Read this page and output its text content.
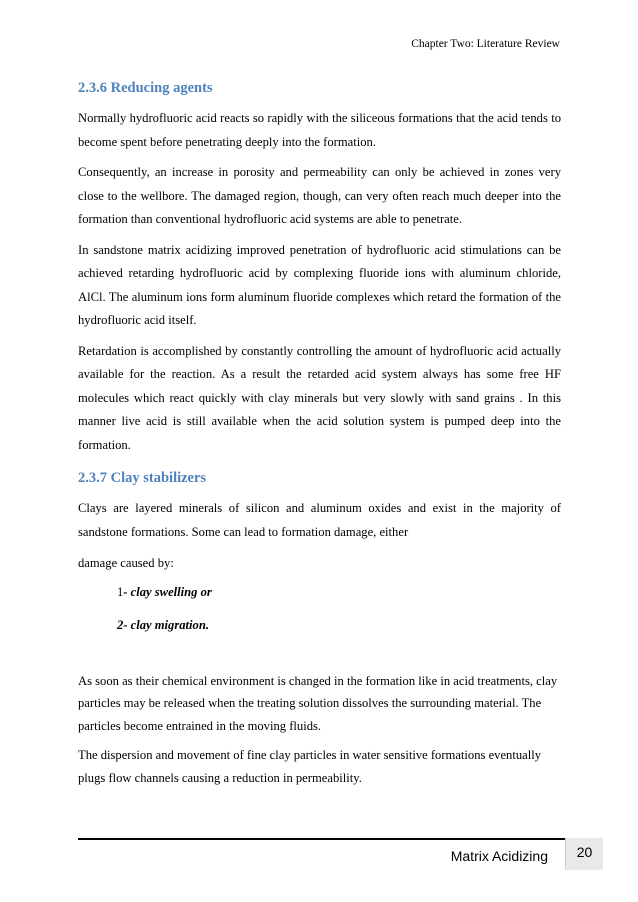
Chapter Two: Literature Review
2.3.6 Reducing agents

Normally hydrofluoric acid reacts so rapidly with the siliceous formations that the acid tends to become spent before penetrating deeply into the formation.

Consequently, an increase in porosity and permeability can only be achieved in zones very close to the wellbore. The damaged region, though, can very often reach much deeper into the formation than conventional hydrofluoric acid systems are able to penetrate.

In sandstone matrix acidizing improved penetration of hydrofluoric acid stimulations can be achieved retarding hydrofluoric acid by complexing fluoride ions with aluminum chloride, AlCl. The aluminum ions form aluminum fluoride complexes which retard the formation of the hydrofluoric acid itself.

Retardation is accomplished by constantly controlling the amount of hydrofluoric acid actually available for the reaction. As a result the retarded acid system always has some free HF molecules which react quickly with clay minerals but very slowly with sand grains . In this manner live acid is still available when the acid solution system is pumped deep into the formation.

2.3.7 Clay stabilizers

Clays are layered minerals of silicon and aluminum oxides and exist in the majority of sandstone formations. Some can lead to formation damage, either

damage caused by:

1- clay swelling or
2- clay migration.

As soon as their chemical environment is changed in the formation like in acid treatments, clay particles may be released when the treating solution dissolves the surrounding material. The particles become entrained in the moving fluids.

The dispersion and movement of fine clay particles in water sensitive formations eventually plugs flow channels causing a reduction in permeability.

Matrix Acidizing	20
